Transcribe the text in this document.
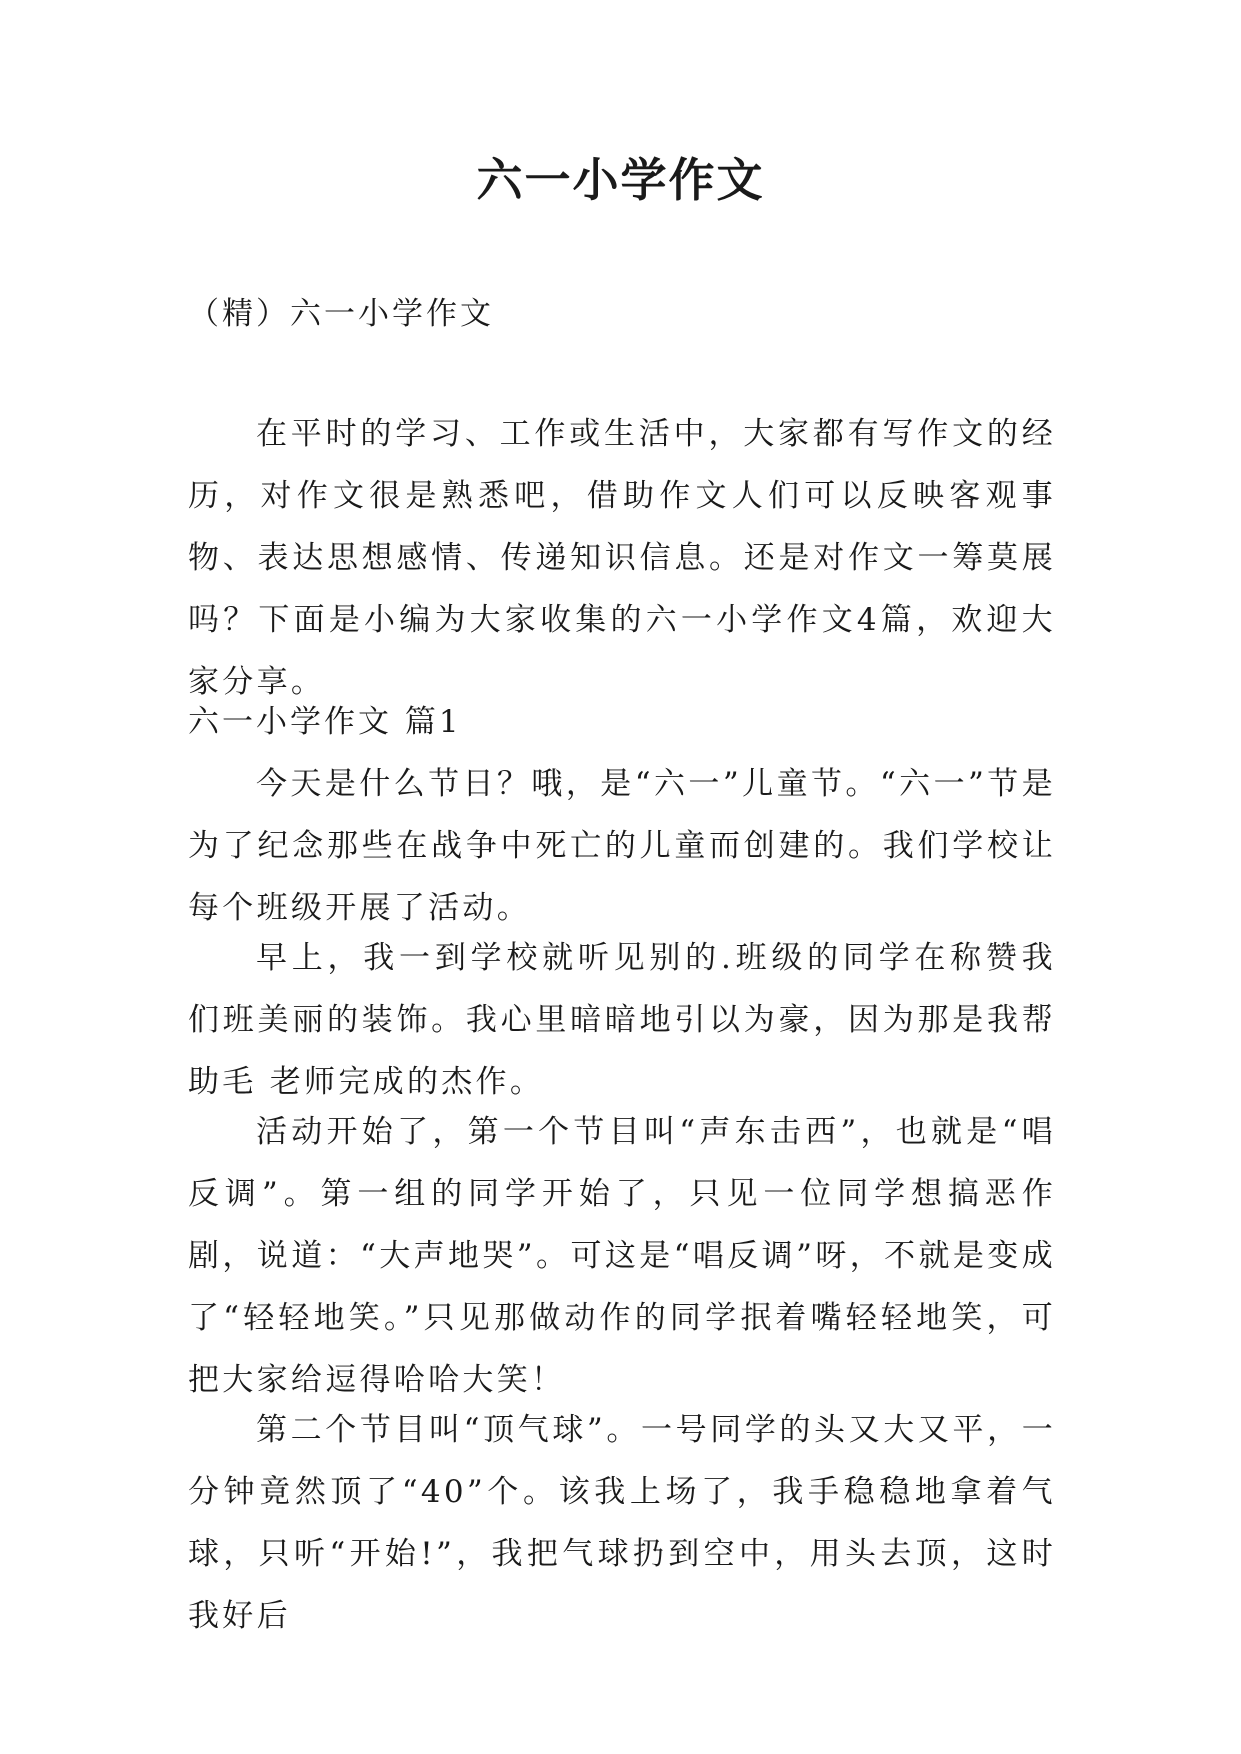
六一小学作文

（精）六一小学作文

在平时的学习、工作或生活中，大家都有写作文的经历，对作文很是熟悉吧，借助作文人们可以反映客观事物、表达思想感情、传递知识信息。还是对作文一筹莫展吗？下面是小编为大家收集的六一小学作文4篇，欢迎大家分享。

六一小学作文 篇1

今天是什么节日？哦，是“六一”儿童节。“六一”节是为了纪念那些在战争中死亡的儿童而创建的。我们学校让每个班级开展了活动。

早上，我一到学校就听见别的.班级的同学在称赞我们班美丽的装饰。我心里暗暗地引以为豪，因为那是我帮助毛 老师完成的杰作。

活动开始了，第一个节目叫“声东击西”，也就是“唱反调”。第一组的同学开始了，只见一位同学想搞恶作剧，说道：“大声地哭”。可这是“唱反调”呀，不就是变成了“轻轻地笑。”只见那做动作的同学抿着嘴轻轻地笑，可把大家给逗得哈哈大笑！

第二个节目叫“顶气球”。一号同学的头又大又平，一分钟竟然顶了“40”个。该我上场了，我手稳稳地拿着气球，只听“开始!”，我把气球扔到空中，用头去顶，这时我好后
